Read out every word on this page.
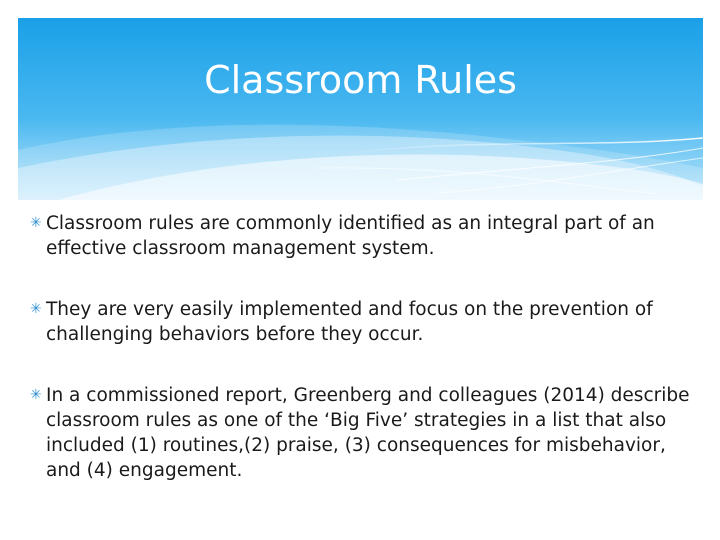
Classroom Rules
✳ Classroom rules are commonly identified as an integral part of an effective classroom management system.
✳ They are very easily implemented and focus on the prevention of challenging behaviors before they occur.
✳ In a commissioned report, Greenberg and colleagues (2014) describe classroom rules as one of the ‘Big Five’ strategies in a list that also included (1) routines,(2) praise, (3) consequences for misbehavior, and (4) engagement.
